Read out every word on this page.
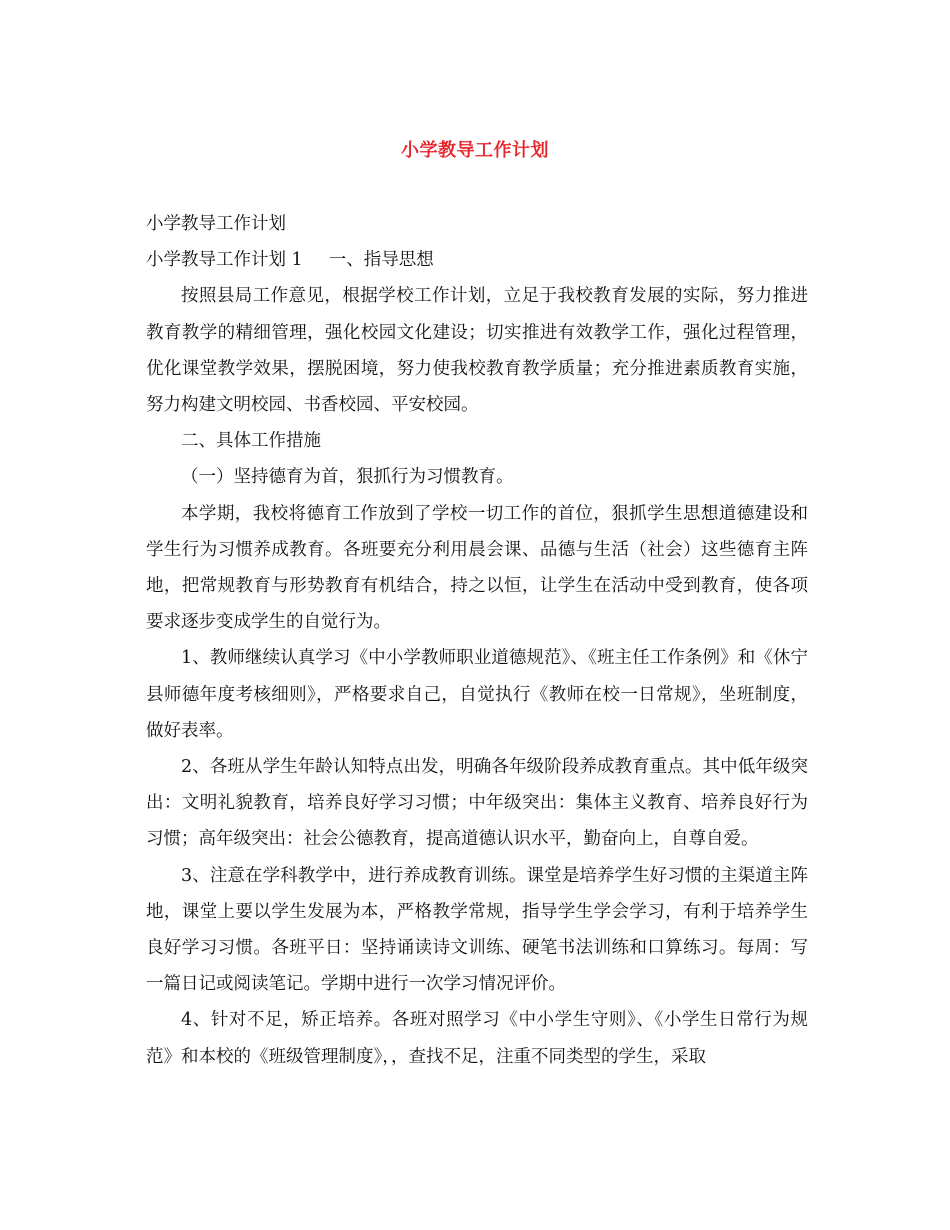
小学教导工作计划

小学教导工作计划

小学教导工作计划 1 一、指导思想

按照县局工作意见，根据学校工作计划，立足于我校教育发展的实际，努力推进教育教学的精细管理，强化校园文化建设；切实推进有效教学工作，强化过程管理，优化课堂教学效果，摆脱困境，努力使我校教育教学质量；充分推进素质教育实施，努力构建文明校园、书香校园、平安校园。

二、具体工作措施

（一）坚持德育为首，狠抓行为习惯教育。

本学期，我校将德育工作放到了学校一切工作的首位，狠抓学生思想道德建设和学生行为习惯养成教育。各班要充分利用晨会课、品德与生活（社会）这些德育主阵地，把常规教育与形势教育有机结合，持之以恒，让学生在活动中受到教育，使各项要求逐步变成学生的自觉行为。

1、教师继续认真学习《中小学教师职业道德规范》、《班主任工作条例》和《休宁县师德年度考核细则》，严格要求自己，自觉执行《教师在校一日常规》，坐班制度，做好表率。

2、各班从学生年龄认知特点出发，明确各年级阶段养成教育重点。其中低年级突出：文明礼貌教育，培养良好学习习惯；中年级突出：集体主义教育、培养良好行为习惯；高年级突出：社会公德教育，提高道德认识水平，勤奋向上，自尊自爱。

3、注意在学科教学中，进行养成教育训练。课堂是培养学生好习惯的主渠道主阵地，课堂上要以学生发展为本，严格教学常规，指导学生学会学习，有利于培养学生良好学习习惯。各班平日：坚持诵读诗文训练、硬笔书法训练和口算练习。每周：写一篇日记或阅读笔记。学期中进行一次学习情况评价。

4、针对不足，矫正培养。各班对照学习《中小学生守则》、《小学生日常行为规范》和本校的《班级管理制度》，，查找不足，注重不同类型的学生，采取
